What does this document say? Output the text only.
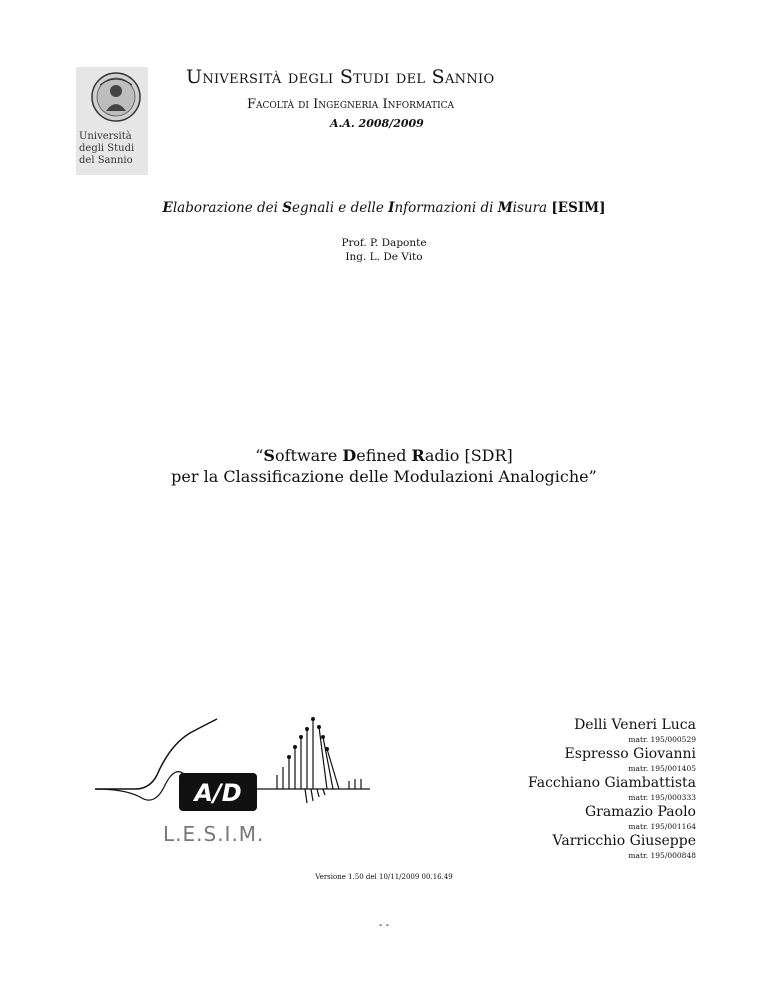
Università
degli Studi
del Sannio
Università degli Studi del Sannio
Facoltà di Ingegneria Informatica
A.A. 2008/2009
Elaborazione dei Segnali e delle Informazioni di Misura [ESIM]
Prof. P. Daponte
Ing. L. De Vito
“Software Defined Radio [SDR]
per la Classificazione delle Modulazioni Analogiche”
A/D
L.E.S.I.M.
Delli Veneri Luca
matr. 195/000529
Espresso Giovanni
matr. 195/001405
Facchiano Giambattista
matr. 195/000333
Gramazio Paolo
matr. 195/001164
Varricchio Giuseppe
matr. 195/000848
Versione 1.50 del 10/11/2009 00.16.49
- -
